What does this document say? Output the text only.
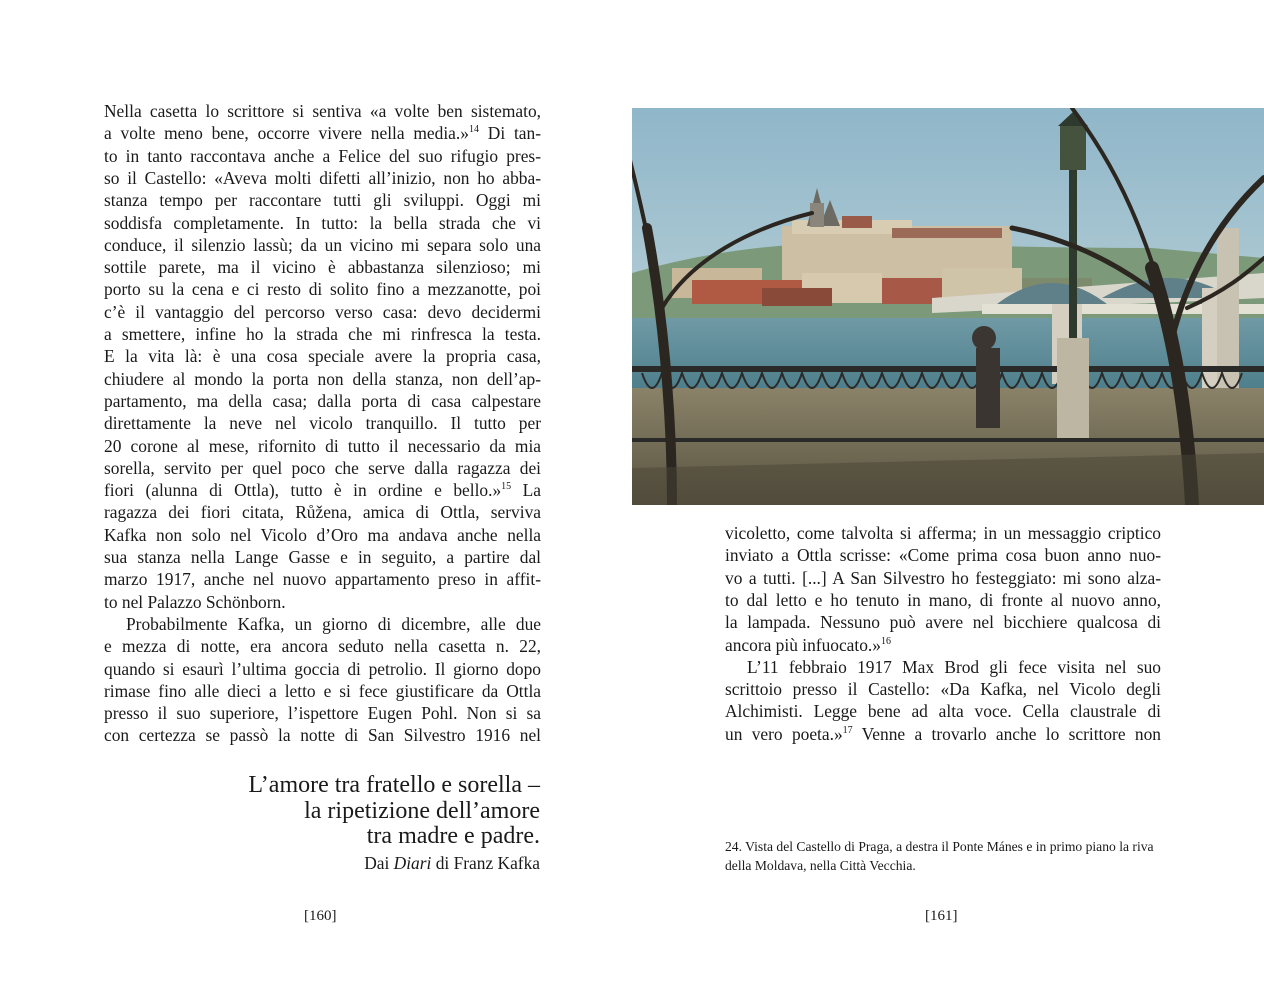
Nella casetta lo scrittore si sentiva «a volte ben sistemato,
a volte meno bene, occorre vivere nella media.»$^{14}$ Di tan-
to in tanto raccontava anche a Felice del suo rifugio pres-
so il Castello: «Aveva molti difetti all’inizio, non ho abba-
stanza tempo per raccontare tutti gli sviluppi. Oggi mi
soddisfa completamente. In tutto: la bella strada che vi
conduce, il silenzio lassù; da un vicino mi separa solo una
sottile parete, ma il vicino è abbastanza silenzioso; mi
porto su la cena e ci resto di solito fino a mezzanotte, poi
c’è il vantaggio del percorso verso casa: devo decidermi
a smettere, infine ho la strada che mi rinfresca la testa.
E la vita là: è una cosa speciale avere la propria casa,
chiudere al mondo la porta non della stanza, non dell’ap-
partamento, ma della casa; dalla porta di casa calpestare
direttamente la neve nel vicolo tranquillo. Il tutto per
20 corone al mese, rifornito di tutto il necessario da mia
sorella, servito per quel poco che serve dalla ragazza dei
fiori (alunna di Ottla), tutto è in ordine e bello.»$^{15}$ La
ragazza dei fiori citata, Růžena, amica di Ottla, serviva
Kafka non solo nel Vicolo d’Oro ma andava anche nella
sua stanza nella Lange Gasse e in seguito, a partire dal
marzo 1917, anche nel nuovo appartamento preso in affit-
to nel Palazzo Schönborn.
Probabilmente Kafka, un giorno di dicembre, alle due
e mezza di notte, era ancora seduto nella casetta n. 22,
quando si esaurì l’ultima goccia di petrolio. Il giorno dopo
rimase fino alle dieci a letto e si fece giustificare da Ottla
presso il suo superiore, l’ispettore Eugen Pohl. Non si sa
con certezza se passò la notte di San Silvestro 1916 nel
L’amore tra fratello e sorella –
la ripetizione dell’amore
tra madre e padre.
Dai Diari di Franz Kafka
[160]
vicoletto, come talvolta si afferma; in un messaggio criptico
inviato a Ottla scrisse: «Come prima cosa buon anno nuo-
vo a tutti. [...] A San Silvestro ho festeggiato: mi sono alza-
to dal letto e ho tenuto in mano, di fronte al nuovo anno,
la lampada. Nessuno può avere nel bicchiere qualcosa di
ancora più infuocato.»$^{16}$
L’11 febbraio 1917 Max Brod gli fece visita nel suo
scrittoio presso il Castello: «Da Kafka, nel Vicolo degli
Alchimisti. Legge bene ad alta voce. Cella claustrale di
un vero poeta.»$^{17}$ Venne a trovarlo anche lo scrittore non
24. Vista del Castello di Praga, a destra il Ponte Mánes e in primo piano la riva della Moldava, nella Città Vecchia.
[161]
